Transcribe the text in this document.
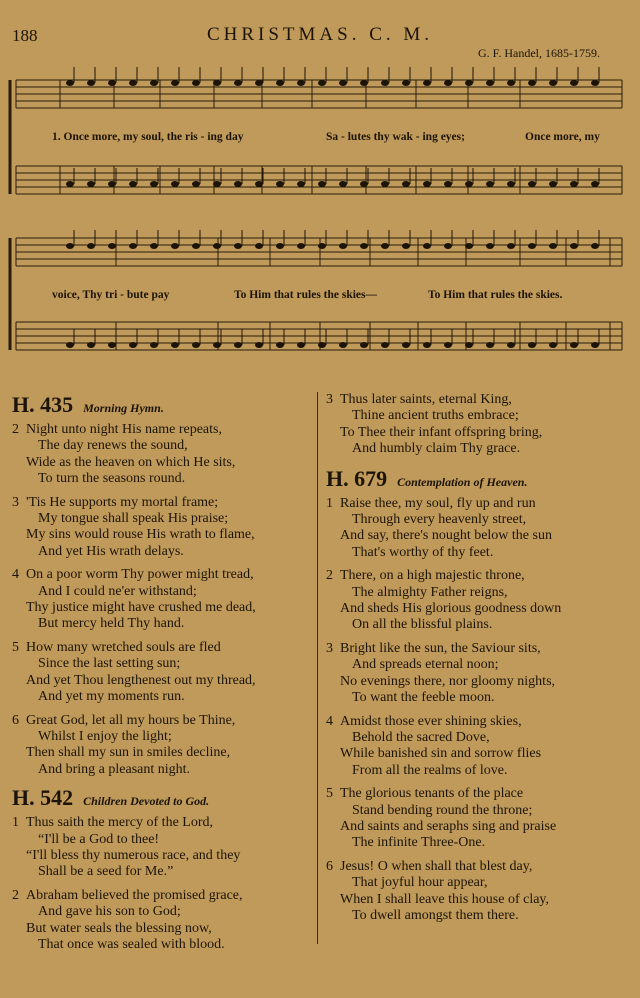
188	CHRISTMAS. C. M.
G. F. Handel, 1685-1759.
1. Once more, my soul, the ris - ing day	Sa - lutes thy wak - ing eyes;	Once more, my
voice, Thy tri - bute pay	To Him that rules the skies—	To Him that rules the skies.
H. 435 Morning Hymn.
2 Night unto night His name repeats,
The day renews the sound,
Wide as the heaven on which He sits,
To turn the seasons round.
3 'Tis He supports my mortal frame;
My tongue shall speak His praise;
My sins would rouse His wrath to flame,
And yet His wrath delays.
4 On a poor worm Thy power might tread,
And I could ne'er withstand;
Thy justice might have crushed me dead,
But mercy held Thy hand.
5 How many wretched souls are fled
Since the last setting sun;
And yet Thou lengthenest out my thread,
And yet my moments run.
6 Great God, let all my hours be Thine,
Whilst I enjoy the light;
Then shall my sun in smiles decline,
And bring a pleasant night.
H. 542 Children Devoted to God.
1 Thus saith the mercy of the Lord,
“I'll be a God to thee!
“I'll bless thy numerous race, and they
Shall be a seed for Me.”
2 Abraham believed the promised grace,
And gave his son to God;
But water seals the blessing now,
That once was sealed with blood.
3 Thus later saints, eternal King,
Thine ancient truths embrace;
To Thee their infant offspring bring,
And humbly claim Thy grace.
H. 679 Contemplation of Heaven.
1 Raise thee, my soul, fly up and run
Through every heavenly street,
And say, there's nought below the sun
That's worthy of thy feet.
2 There, on a high majestic throne,
The almighty Father reigns,
And sheds His glorious goodness down
On all the blissful plains.
3 Bright like the sun, the Saviour sits,
And spreads eternal noon;
No evenings there, nor gloomy nights,
To want the feeble moon.
4 Amidst those ever shining skies,
Behold the sacred Dove,
While banished sin and sorrow flies
From all the realms of love.
5 The glorious tenants of the place
Stand bending round the throne;
And saints and seraphs sing and praise
The infinite Three-One.
6 Jesus! O when shall that blest day,
That joyful hour appear,
When I shall leave this house of clay,
To dwell amongst them there.
